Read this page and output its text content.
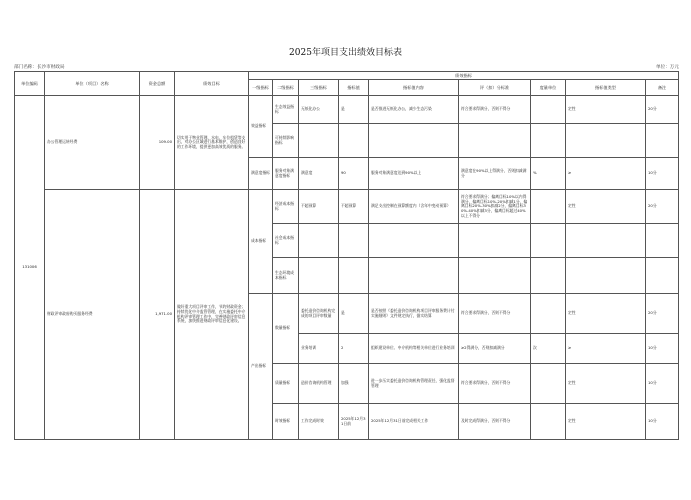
2025年项目支出绩效目标表
部门名称：长沙市财政局	单位：万元
单位编码	单位（项目）名称	资金总额	绩效目标	绩效指标								
				一级指标	二级指标	三级指标	指标值	指标值内容	评（扣）分标准	度量单位	指标值类型	备注
131006	办公管理运转经费	109.00	切实用于物业管理、水电、车位租赁等支出，对办公区域进行基本维护，创造良好的工作环境，提供更加高效优质的服务。	效益指标	生态效益指标	无纸化办公	是	是否推进无纸化办公，减少生态污染	符合要求得满分，否则不得分		定性	20分
					可持续影响指标							
				满意度指标	服务对象满意度指标	满意度	90	服务对象满意度达到90%以上	满意度在90%以上得满分，否则扣减满分	%	≥	10分
	财政评审政府购买服务经费	1,971.00	做好重大项目评审工作，节约财政资金；持续优化中介监管管理，在实施委托中介机构评审管理工作中，完善财政评审信息系统，加快推进财政评审信息化建设。	成本指标	经济成本指标	不超预算	不超预算	满足支出控制在预算额度内（含年中变动预算）	符合要求得满分；偏离目标10%以内得满分，偏离目标10%-20%扣减1分，偏离目标20%-30%扣减2分，偏离目标30%-40%扣减3分，偏离目标超过40%以上不得分		定性	20分
					社会成本指标							
					生态环境成本指标							
				产出指标	数量指标	委托造价咨询机构完成的项目评审数量	是	是否按照《委托造价咨询机构项目评审服务费计付实施细则》文件规定执行，据实结算	符合要求得满分，否则不得分		定性	20分
						业务培训	2	组织建设单位、中介机构等相关单位进行业务培训	≥2得满分，否则扣减满分	次	≥	10分
					质量指标	造价咨询机构管理	加强	进一步压实委托造价咨询机构管理责任，强化监督管理	符合要求得满分，否则不得分		定性	10分
					时效指标	工作完成时效	2025年12月31日前	2025年12月31日前完成相关工作	及时完成得满分，否则不得分		定性	10分
